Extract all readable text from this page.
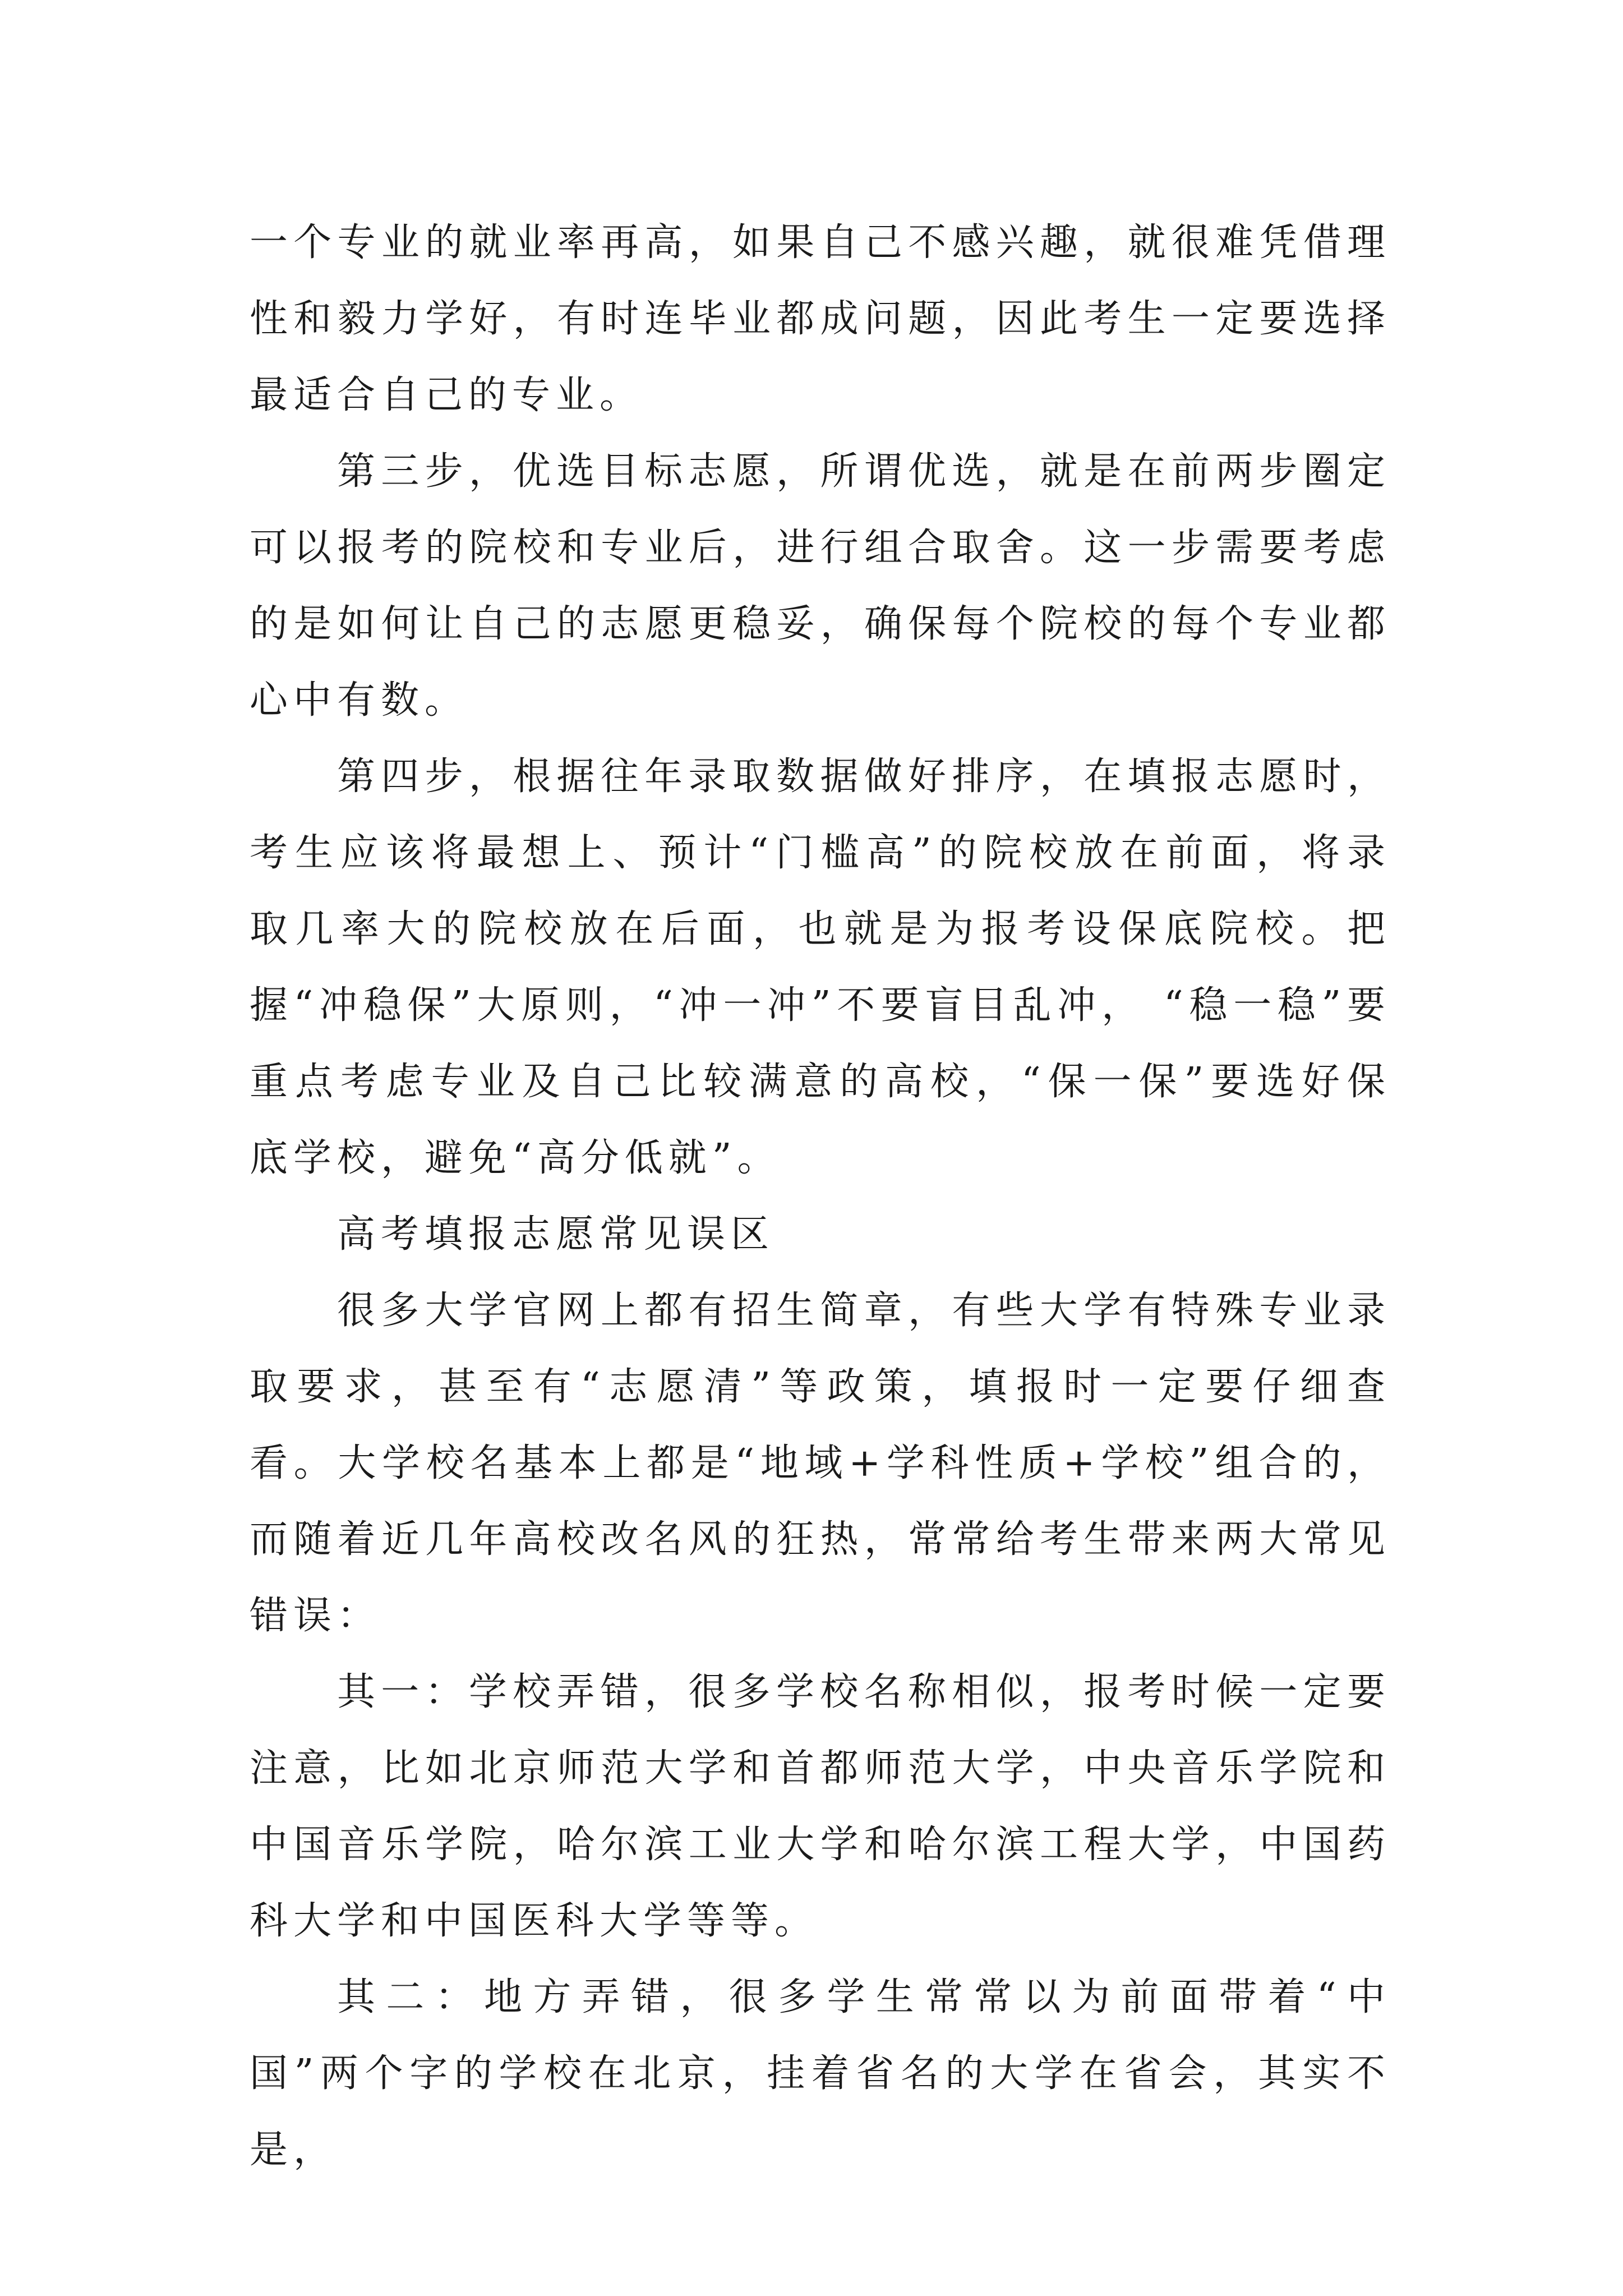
一个专业的就业率再高，如果自己不感兴趣，就很难凭借理性和毅力学好，有时连毕业都成问题，因此考生一定要选择最适合自己的专业。

第三步，优选目标志愿，所谓优选，就是在前两步圈定可以报考的院校和专业后，进行组合取舍。这一步需要考虑的是如何让自己的志愿更稳妥，确保每个院校的每个专业都心中有数。

第四步，根据往年录取数据做好排序，在填报志愿时，考生应该将最想上、预计“门槛高”的院校放在前面，将录取几率大的院校放在后面，也就是为报考设保底院校。把握“冲稳保”大原则，“冲一冲”不要盲目乱冲， “稳一稳”要重点考虑专业及自己比较满意的高校，“保一保”要选好保底学校，避免“高分低就”。

高考填报志愿常见误区

很多大学官网上都有招生简章，有些大学有特殊专业录取要求，甚至有“志愿清”等政策，填报时一定要仔细查看。大学校名基本上都是“地域+学科性质+学校”组合的，而随着近几年高校改名风的狂热，常常给考生带来两大常见错误：

其一：学校弄错，很多学校名称相似，报考时候一定要注意，比如北京师范大学和首都师范大学，中央音乐学院和中国音乐学院，哈尔滨工业大学和哈尔滨工程大学，中国药科大学和中国医科大学等等。

其二：地方弄错，很多学生常常以为前面带着“中国”两个字的学校在北京，挂着省名的大学在省会，其实不是，
